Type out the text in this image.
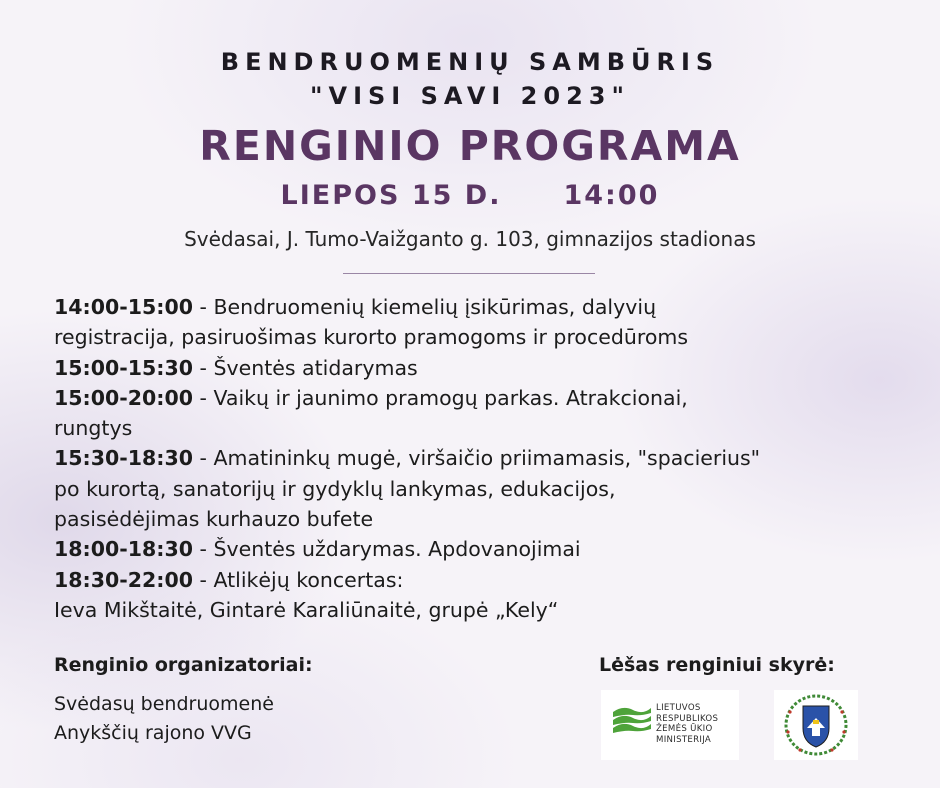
BENDRUOMENIŲ SAMBŪRIS
"VISI SAVI 2023"
RENGINIO PROGRAMA
LIEPOS 15 D. 14:00
Svėdasai, J. Tumo-Vaižganto g. 103, gimnazijos stadionas
14:00-15:00 - Bendruomenių kiemelių įsikūrimas, dalyvių
registracija, pasiruošimas kurorto pramogoms ir procedūroms
15:00-15:30 - Šventės atidarymas
15:00-20:00 - Vaikų ir jaunimo pramogų parkas. Atrakcionai,
rungtys
15:30-18:30 - Amatininkų mugė, viršaičio priimamasis, "spacierius"
po kurortą, sanatorijų ir gydyklų lankymas, edukacijos,
pasisėdėjimas kurhauzo bufete
18:00-18:30 - Šventės uždarymas. Apdovanojimai
18:30-22:00 - Atlikėjų koncertas:
Ieva Mikštaitė, Gintarė Karaliūnaitė, grupė „Kely“
Renginio organizatoriai:
Svėdasų bendruomenė
Anykščių rajono VVG
Lėšas renginiui skyrė:
LIETUVOS
RESPUBLIKOS
ŽEMĖS ŪKIO
MINISTERIJA
